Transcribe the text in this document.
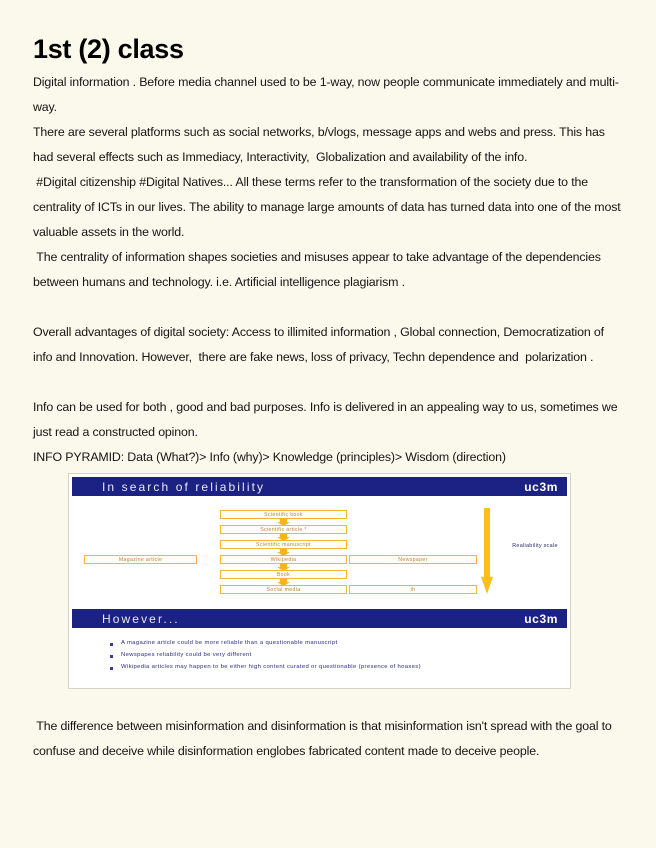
1st (2) class

Digital information . Before media channel used to be 1-way, now people communicate immediately and multi-way.

There are several platforms such as social networks, b/vlogs, message apps and webs and press. This has had several effects such as Immediacy, Interactivity,  Globalization and availability of the info.

#Digital citizenship #Digital Natives... All these terms refer to the transformation of the society due to the centrality of ICTs in our lives. The ability to manage large amounts of data has turned data into one of the most valuable assets in the world.

The centrality of information shapes societies and misuses appear to take advantage of the dependencies between humans and technology. i.e. Artificial intelligence plagiarism .

Overall advantages of digital society: Access to illimited information , Global connection, Democratization of info and Innovation. However,  there are fake news, loss of privacy, Techn dependence and  polarization .

Info can be used for both , good and bad purposes. Info is delivered in an appealing way to us, sometimes we just read a constructed opinon.

INFO PYRAMID: Data (What?)> Info (why)> Knowledge (principles)> Wisdom (direction)

In search of reliability	uc3m
Scientific book
Scientific article *
Scientific manuscript
Wikipedia
Book
Social media
Magazine article	Newspaper
ih
Realiability scale
However...	uc3m
A magazine article could be more reliable than a questionable manuscript
Newspapes reliability could be very different
Wikipedia articles may happen to be either high content curated or questionable (presence of hoaxes)

The difference between misinformation and disinformation is that misinformation isn't spread with the goal to confuse and deceive while disinformation englobes fabricated content made to deceive people.
